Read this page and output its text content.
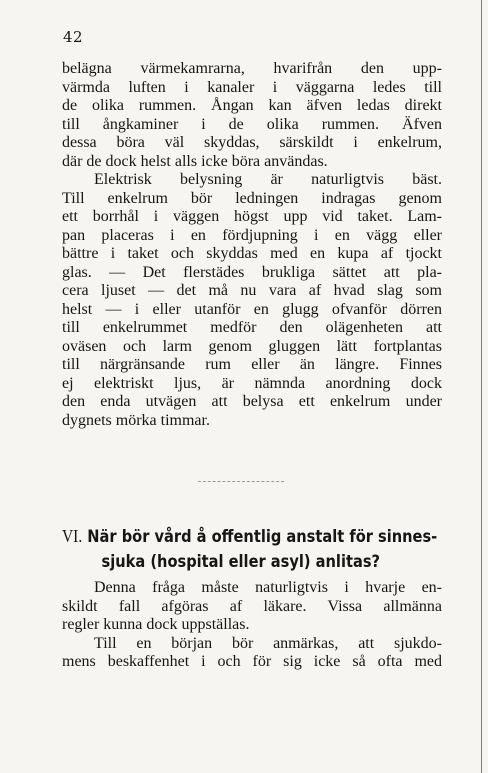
42
belägna värmekamrarna, hvarifrån den upp-
värmda luften i kanaler i väggarna ledes till
de olika rummen. Ångan kan äfven ledas direkt
till ångkaminer i de olika rummen. Äfven
dessa böra väl skyddas, särskildt i enkelrum,
där de dock helst alls icke böra användas.
Elektrisk belysning är naturligtvis bäst.
Till enkelrum bör ledningen indragas genom
ett borrhål i väggen högst upp vid taket. Lam-
pan placeras i en fördjupning i en vägg eller
bättre i taket och skyddas med en kupa af tjockt
glas. — Det flerstädes brukliga sättet att pla-
cera ljuset — det må nu vara af hvad slag som
helst — i eller utanför en glugg ofvanför dörren
till enkelrummet medför den olägenheten att
oväsen och larm genom gluggen lätt fortplantas
till närgränsande rum eller än längre. Finnes
ej elektriskt ljus, är nämnda anordning dock
den enda utvägen att belysa ett enkelrum under
dygnets mörka timmar.
VI. När bör vård å offentlig anstalt för sinnes-
sjuka (hospital eller asyl) anlitas?
Denna fråga måste naturligtvis i hvarje en-
skildt fall afgöras af läkare. Vissa allmänna
regler kunna dock uppställas.
Till en början bör anmärkas, att sjukdo-
mens beskaffenhet i och för sig icke så ofta med
